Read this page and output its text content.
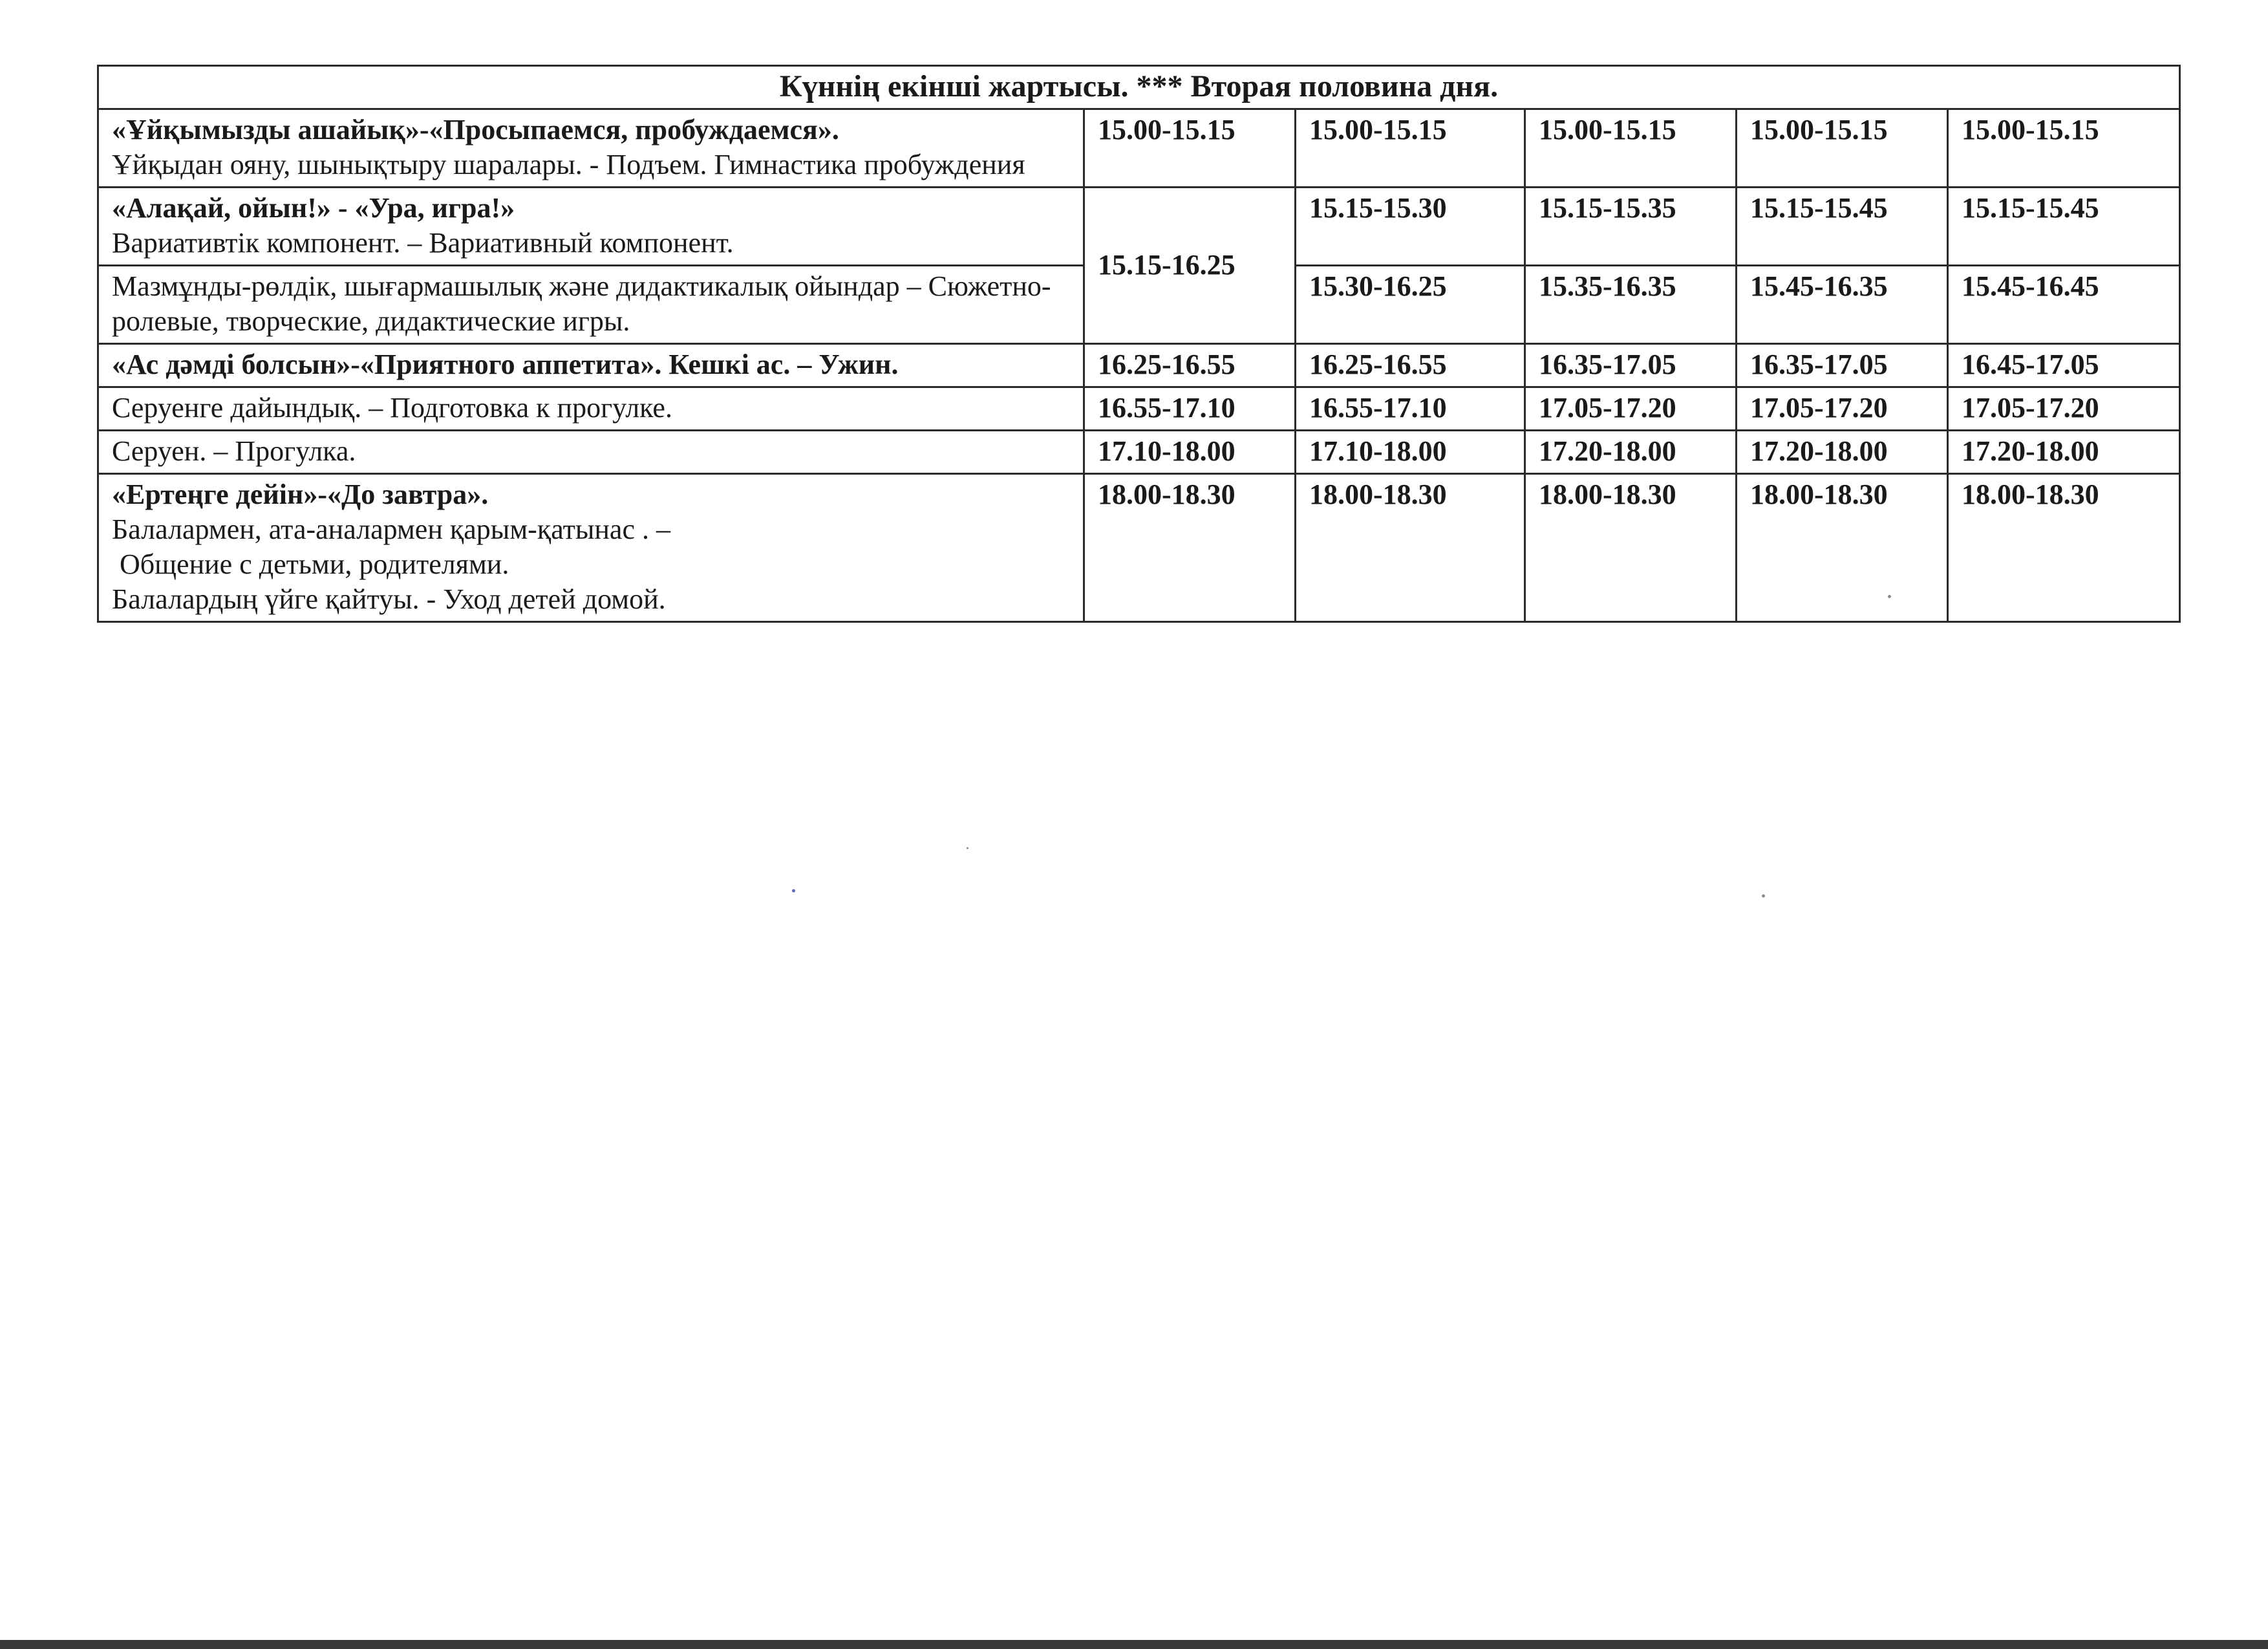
Күннің екінші жартысы. *** Вторая половина дня.					

«Ұйқымызды ашайық»-«Просыпаемся, пробуждаемся».
Ұйқыдан ояну, шынықтыру шаралары. - Подъем. Гимнастика пробуждения	15.00-15.15	15.00-15.15	15.00-15.15	15.00-15.15	15.00-15.15

«Алақай, ойын!» - «Ура, игра!»
Вариативтік компонент. – Вариативный компонент.	15.15-16.25	15.15-15.30	15.15-15.35	15.15-15.45	15.15-15.45

Мазмұнды-рөлдік, шығармашылық және дидактикалық ойындар – Сюжетно-ролевые, творческие, дидактические игры.		15.30-16.25	15.35-16.35	15.45-16.35	15.45-16.45

«Ас дәмді болсын»-«Приятного аппетита». Кешкі ас. – Ужин.	16.25-16.55	16.25-16.55	16.35-17.05	16.35-17.05	16.45-17.05

Серуенге дайындық. – Подготовка к прогулке.	16.55-17.10	16.55-17.10	17.05-17.20	17.05-17.20	17.05-17.20

Серуен. – Прогулка.	17.10-18.00	17.10-18.00	17.20-18.00	17.20-18.00	17.20-18.00

«Ертеңге дейін»-«До завтра».
Балалармен, ата-аналармен қарым-қатынас . –
Общение с детьми, родителями.
Балалардың үйге қайтуы. - Уход детей домой.	18.00-18.30	18.00-18.30	18.00-18.30	18.00-18.30	18.00-18.30
